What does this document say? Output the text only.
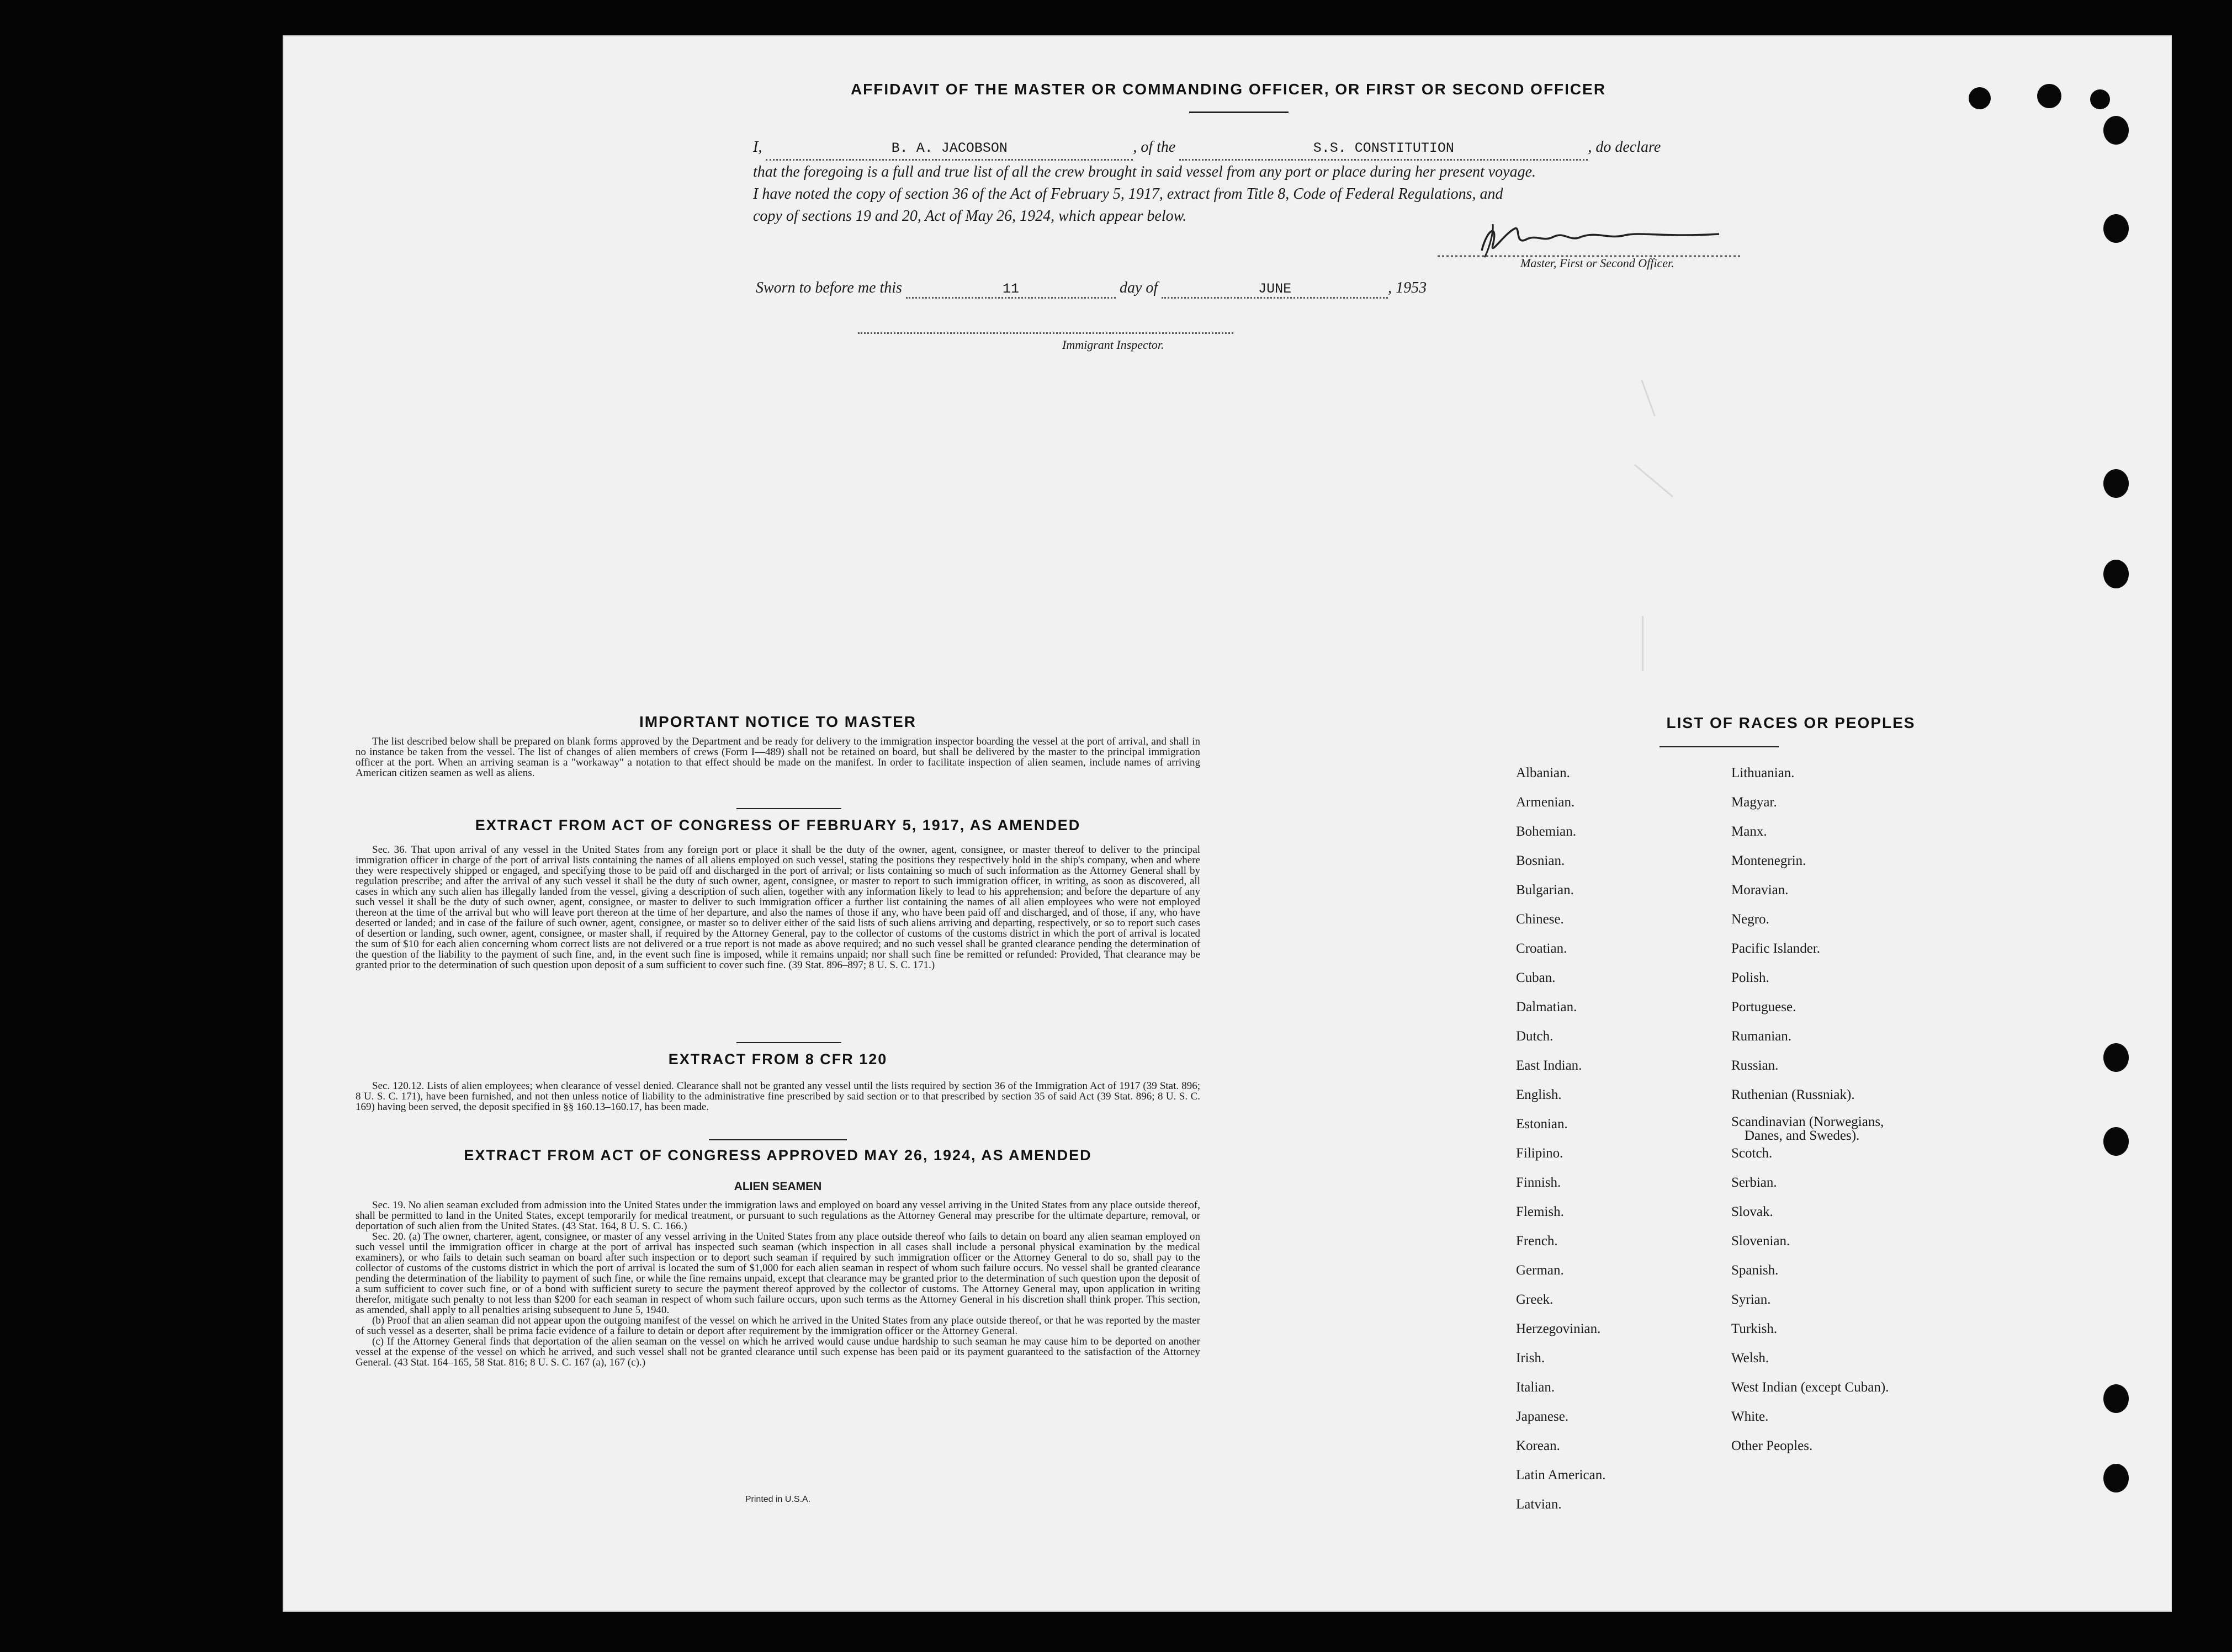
AFFIDAVIT OF THE MASTER OR COMMANDING OFFICER, OR FIRST OR SECOND OFFICER
I,	B. A. JACOBSON	, of the	S.S. CONSTITUTION	, do declare
that the foregoing is a full and true list of all the crew brought in said vessel from any port or place during her present voyage.
I have noted the copy of section 36 of the Act of February 5, 1917, extract from Title 8, Code of Federal Regulations, and
copy of sections 19 and 20, Act of May 26, 1924, which appear below.
Master, First or Second Officer.
Sworn to before me this	11	day of	JUNE	, 1953
Immigrant Inspector.
IMPORTANT NOTICE TO MASTER
The list described below shall be prepared on blank forms approved by the Department and be ready for delivery to the immigration inspector boarding the vessel at the port of arrival, and shall in no instance be taken from the vessel. The list of changes of alien members of crews (Form I—489) shall not be retained on board, but shall be delivered by the master to the principal immigration officer at the port. When an arriving seaman is a "workaway" a notation to that effect should be made on the manifest. In order to facilitate inspection of alien seamen, include names of arriving American citizen seamen as well as aliens.
EXTRACT FROM ACT OF CONGRESS OF FEBRUARY 5, 1917, AS AMENDED
Sec. 36. That upon arrival of any vessel in the United States from any foreign port or place it shall be the duty of the owner, agent, consignee, or master thereof to deliver to the principal immigration officer in charge of the port of arrival lists containing the names of all aliens employed on such vessel, stating the positions they respectively hold in the ship's company, when and where they were respectively shipped or engaged, and specifying those to be paid off and discharged in the port of arrival; or lists containing so much of such information as the Attorney General shall by regulation prescribe; and after the arrival of any such vessel it shall be the duty of such owner, agent, consignee, or master to report to such immigration officer, in writing, as soon as discovered, all cases in which any such alien has illegally landed from the vessel, giving a description of such alien, together with any information likely to lead to his apprehension; and before the departure of any such vessel it shall be the duty of such owner, agent, consignee, or master to deliver to such immigration officer a further list containing the names of all alien employees who were not employed thereon at the time of the arrival but who will leave port thereon at the time of her departure, and also the names of those if any, who have been paid off and discharged, and of those, if any, who have deserted or landed; and in case of the failure of such owner, agent, consignee, or master so to deliver either of the said lists of such aliens arriving and departing, respectively, or so to report such cases of desertion or landing, such owner, agent, consignee, or master shall, if required by the Attorney General, pay to the collector of customs of the customs district in which the port of arrival is located the sum of $10 for each alien concerning whom correct lists are not delivered or a true report is not made as above required; and no such vessel shall be granted clearance pending the determination of the question of the liability to the payment of such fine, and, in the event such fine is imposed, while it remains unpaid; nor shall such fine be remitted or refunded: Provided, That clearance may be granted prior to the determination of such question upon deposit of a sum sufficient to cover such fine. (39 Stat. 896–897; 8 U. S. C. 171.)
EXTRACT FROM 8 CFR 120
Sec. 120.12. Lists of alien employees; when clearance of vessel denied. Clearance shall not be granted any vessel until the lists required by section 36 of the Immigration Act of 1917 (39 Stat. 896; 8 U. S. C. 171), have been furnished, and not then unless notice of liability to the administrative fine prescribed by said section or to that prescribed by section 35 of said Act (39 Stat. 896; 8 U. S. C. 169) having been served, the deposit specified in §§ 160.13–160.17, has been made.
EXTRACT FROM ACT OF CONGRESS APPROVED MAY 26, 1924, AS AMENDED
ALIEN SEAMEN
Sec. 19. No alien seaman excluded from admission into the United States under the immigration laws and employed on board any vessel arriving in the United States from any place outside thereof, shall be permitted to land in the United States, except temporarily for medical treatment, or pursuant to such regulations as the Attorney General may prescribe for the ultimate departure, removal, or deportation of such alien from the United States. (43 Stat. 164, 8 U. S. C. 166.)
Sec. 20. (a) The owner, charterer, agent, consignee, or master of any vessel arriving in the United States from any place outside thereof who fails to detain on board any alien seaman employed on such vessel until the immigration officer in charge at the port of arrival has inspected such seaman (which inspection in all cases shall include a personal physical examination by the medical examiners), or who fails to detain such seaman on board after such inspection or to deport such seaman if required by such immigration officer or the Attorney General to do so, shall pay to the collector of customs of the customs district in which the port of arrival is located the sum of $1,000 for each alien seaman in respect of whom such failure occurs. No vessel shall be granted clearance pending the determination of the liability to payment of such fine, or while the fine remains unpaid, except that clearance may be granted prior to the determination of such question upon the deposit of a sum sufficient to cover such fine, or of a bond with sufficient surety to secure the payment thereof approved by the collector of customs. The Attorney General may, upon application in writing therefor, mitigate such penalty to not less than $200 for each seaman in respect of whom such failure occurs, upon such terms as the Attorney General in his discretion shall think proper. This section, as amended, shall apply to all penalties arising subsequent to June 5, 1940.
(b) Proof that an alien seaman did not appear upon the outgoing manifest of the vessel on which he arrived in the United States from any place outside thereof, or that he was reported by the master of such vessel as a deserter, shall be prima facie evidence of a failure to detain or deport after requirement by the immigration officer or the Attorney General.
(c) If the Attorney General finds that deportation of the alien seaman on the vessel on which he arrived would cause undue hardship to such seaman he may cause him to be deported on another vessel at the expense of the vessel on which he arrived, and such vessel shall not be granted clearance until such expense has been paid or its payment guaranteed to the satisfaction of the Attorney General. (43 Stat. 164–165, 58 Stat. 816; 8 U. S. C. 167 (a), 167 (c).)
Printed in U.S.A.
LIST OF RACES OR PEOPLES
Albanian.
Armenian.
Bohemian.
Bosnian.
Bulgarian.
Chinese.
Croatian.
Cuban.
Dalmatian.
Dutch.
East Indian.
English.
Estonian.
Filipino.
Finnish.
Flemish.
French.
German.
Greek.
Herzegovinian.
Irish.
Italian.
Japanese.
Korean.
Latin American.
Latvian.
Lithuanian.
Magyar.
Manx.
Montenegrin.
Moravian.
Negro.
Pacific Islander.
Polish.
Portuguese.
Rumanian.
Russian.
Ruthenian (Russniak).
Scandinavian (Norwegians,
Danes, and Swedes).
Scotch.
Serbian.
Slovak.
Slovenian.
Spanish.
Syrian.
Turkish.
Welsh.
West Indian (except Cuban).
White.
Other Peoples.
